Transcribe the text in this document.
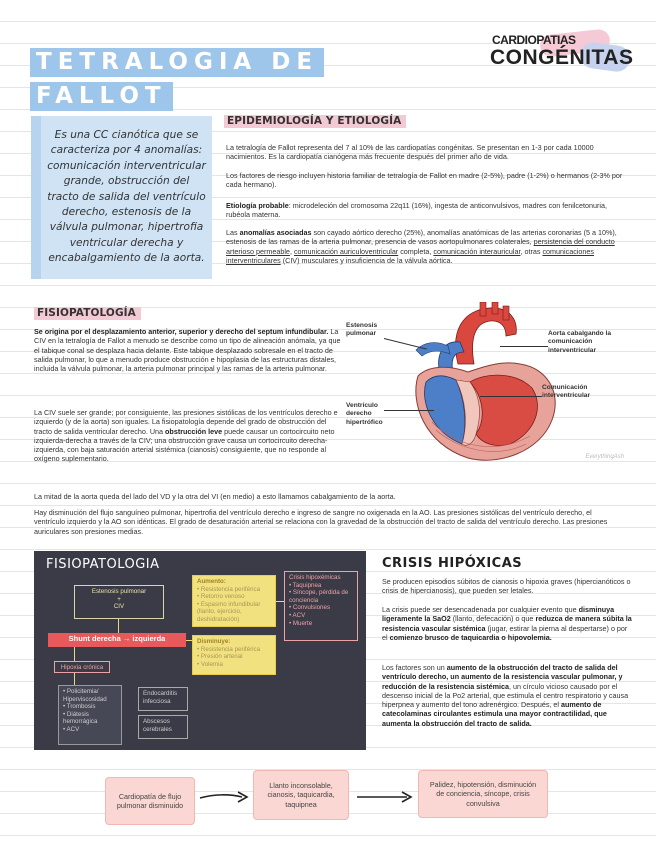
TETRALOGIA DE
FALLOT
CARDIOPATIAS
CONGÉNITAS
Es una CC cianótica que se caracteriza por 4 anomalías: comunicación interventricular grande, obstrucción del tracto de salida del ventrículo derecho, estenosis de la válvula pulmonar, hipertrofia ventricular derecha y encabalgamiento de la aorta.
EPIDEMIOLOGÍA Y ETIOLOGÍA
La tetralogía de Fallot representa del 7 al 10% de las cardiopatías congénitas. Se presentan en 1-3 por cada 10000 nacimientos. Es la cardiopatía cianógena más frecuente después del primer año de vida.
Los factores de riesgo incluyen historia familiar de tetralogía de Fallot en madre (2-5%), padre (1-2%) o hermanos (2-3% por cada hermano).
Etiología probable: microdeleción del cromosoma 22q11 (16%), ingesta de anticonvulsivos, madres con fenilcetonuria, rubéola materna.
Las anomalías asociadas son cayado aórtico derecho (25%), anomalías anatómicas de las arterias coronarias (5 a 10%), estenosis de las ramas de la arteria pulmonar, presencia de vasos aortopulmonares colaterales, persistencia del conducto arterioso permeable, comunicación auriculoventricular completa, comunicación interauricular, otras comunicaciones interventriculares (CIV) musculares y insuficiencia de la válvula aórtica.
FISIOPATOLOGÍA
Se origina por el desplazamiento anterior, superior y derecho del septum infundibular. La CIV en la tetralogía de Fallot a menudo se describe como un tipo de alineación anómala, ya que el tabique conal se desplaza hacia delante. Este tabique desplazado sobresale en el tracto de salida pulmonar, lo que a menudo produce obstrucción e hipoplasia de las estructuras distales, incluida la válvula pulmonar, la arteria pulmonar principal y las ramas de la arteria pulmonar.
La CIV suele ser grande; por consiguiente, las presiones sistólicas de los ventrículos derecho e izquierdo (y de la aorta) son iguales. La fisiopatología depende del grado de obstrucción del tracto de salida ventricular derecho. Una obstrucción leve puede causar un cortocircuito neto izquierda-derecha a través de la CIV; una obstrucción grave causa un cortocircuito derecha-izquierda, con baja saturación arterial sistémica (cianosis) consiguiente, que no responde al oxígeno suplementario.
La mitad de la aorta queda del lado del VD y la otra del VI (en medio) a esto llamamos cabalgamiento de la aorta.
Hay disminución del flujo sanguíneo pulmonar, hipertrofia del ventrículo derecho e ingreso de sangre no oxigenada en la AO. Las presiones sistólicas del ventrículo derecho, el ventrículo izquierdo y la AO son idénticas. El grado de desaturación arterial se relaciona con la gravedad de la obstrucción del tracto de salida del ventrículo derecho. Las presiones auriculares son presiones medias.
Estenosis pulmonar	Aorta cabalgando la comunicación interventricular
Comunicación interventricular
Ventrículo derecho hipertrófico
EverythingAsh
FISIOPATOLOGIA
Estenosis pulmonar
+
CIV
Shunt derecha → izquierda
Hipoxia crónica
• Policitemia/
Hiperviscosidad
• Trombosis
• Diátesis
hemorrágica
• ACV
Endocarditis
infecciosa
Abscesos
cerebrales
Aumento:
• Resistencia periférica
• Retorno venoso
• Espasmo infundibular (llanto, ejercicio, deshidratación)
Disminuye:
• Resistencia periférica
• Presión arterial
• Volemia
Crisis hipoxémicas
• Taquipnea
• Síncope, pérdida de conciencia
• Convulsiones
• ACV
• Muerte
CRISIS HIPÓXICAS
Se producen episodios súbitos de cianosis o hipoxia graves (hipercianóticos o crisis de hipercianosis), que pueden ser letales.
La crisis puede ser desencadenada por cualquier evento que disminuya ligeramente la SaO2 (llanto, defecación) o que reduzca de manera súbita la resistencia vascular sistémica (jugar, estirar la pierna al despertarse) o por el comienzo brusco de taquicardia o hipovolemia.
Los factores son un aumento de la obstrucción del tracto de salida del ventrículo derecho, un aumento de la resistencia vascular pulmonar, y reducción de la resistencia sistémica, un círculo vicioso causado por el descenso inicial de la Po2 arterial, que estimula el centro respiratorio y causa hiperpnea y aumento del tono adrenérgico. Después, el aumento de catecolaminas circulantes estimula una mayor contractilidad, que aumenta la obstrucción del tracto de salida.
Cardiopatía de flujo pulmonar disminuido
Llanto inconsolable, cianosis, taquicardia, taquipnea
Palidez, hipotensión, disminución de conciencia, síncope, crisis convulsiva
